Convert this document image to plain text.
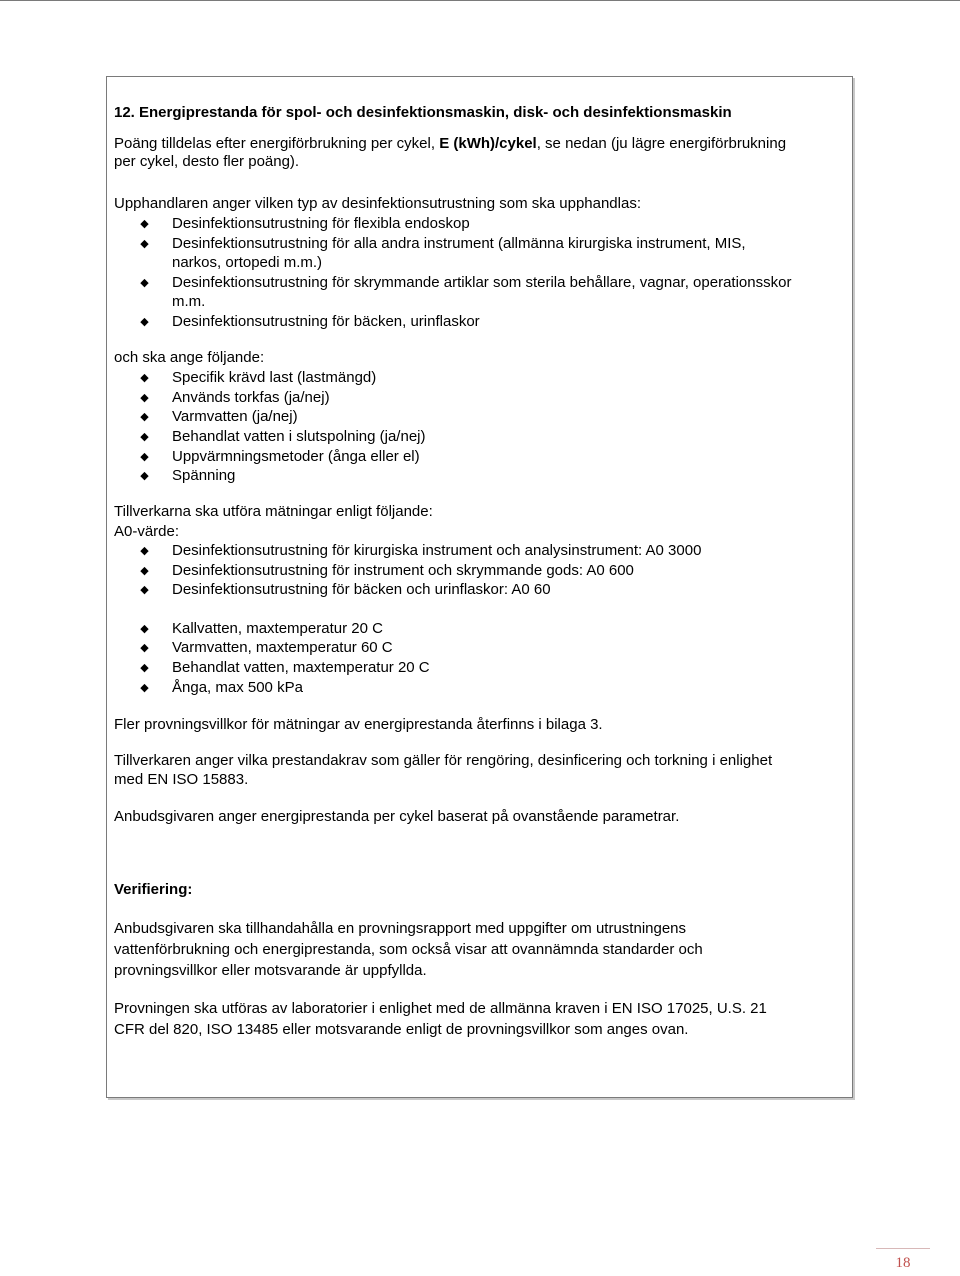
12. Energiprestanda för spol- och desinfektionsmaskin, disk- och desinfektionsmaskin
Poäng tilldelas efter energiförbrukning per cykel, E (kWh)/cykel, se nedan (ju lägre energiförbrukning
per cykel, desto fler poäng).
Upphandlaren anger vilken typ av desinfektionsutrustning som ska upphandlas:
◆
Desinfektionsutrustning för flexibla endoskop
◆
Desinfektionsutrustning för alla andra instrument (allmänna kirurgiska instrument, MIS,
narkos, ortopedi m.m.)
◆
Desinfektionsutrustning för skrymmande artiklar som sterila behållare, vagnar, operationsskor
m.m.
◆
Desinfektionsutrustning för bäcken, urinflaskor
och ska ange följande:
◆
Specifik krävd last (lastmängd)
◆
Används torkfas (ja/nej)
◆
Varmvatten (ja/nej)
◆
Behandlat vatten i slutspolning (ja/nej)
◆
Uppvärmningsmetoder (ånga eller el)
◆
Spänning
Tillverkarna ska utföra mätningar enligt följande:
A0-värde:
◆
Desinfektionsutrustning för kirurgiska instrument och analysinstrument: A0 3000
◆
Desinfektionsutrustning för instrument och skrymmande gods: A0 600
◆
Desinfektionsutrustning för bäcken och urinflaskor: A0 60
◆
Kallvatten, maxtemperatur 20 C
◆
Varmvatten, maxtemperatur 60 C
◆
Behandlat vatten, maxtemperatur 20 C
◆
Ånga, max 500 kPa
Fler provningsvillkor för mätningar av energiprestanda återfinns i bilaga 3.
Tillverkaren anger vilka prestandakrav som gäller för rengöring, desinficering och torkning i enlighet
med EN ISO 15883.
Anbudsgivaren anger energiprestanda per cykel baserat på ovanstående parametrar.
Verifiering:
Anbudsgivaren ska tillhandahålla en provningsrapport med uppgifter om utrustningens
vattenförbrukning och energiprestanda, som också visar att ovannämnda standarder och
provningsvillkor eller motsvarande är uppfyllda.
Provningen ska utföras av laboratorier i enlighet med de allmänna kraven i EN ISO 17025, U.S. 21
CFR del 820, ISO 13485 eller motsvarande enligt de provningsvillkor som anges ovan.
18
